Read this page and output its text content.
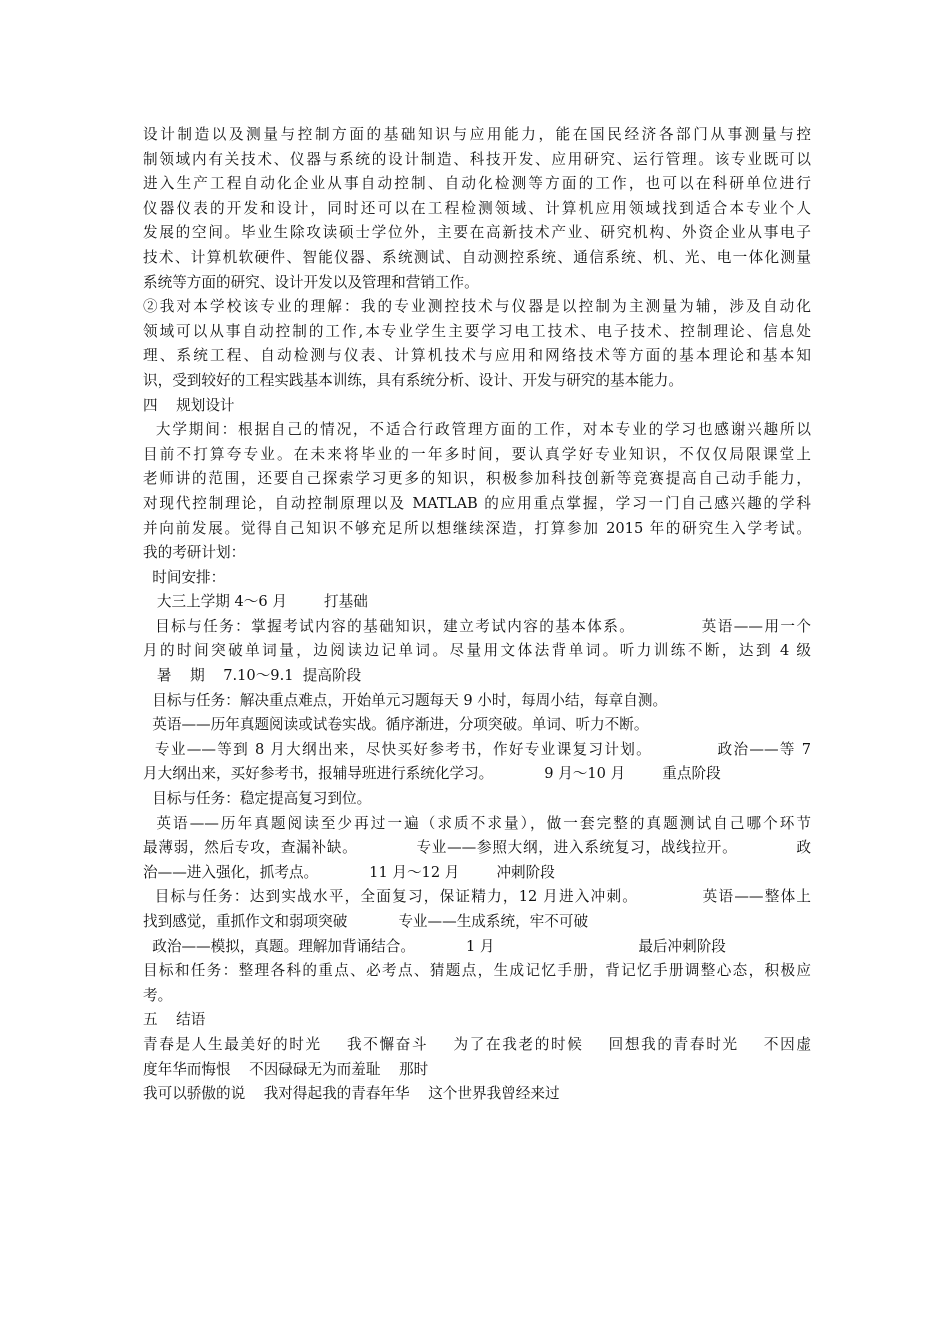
设计制造以及测量与控制方面的基础知识与应用能力，能在国民经济各部门从事测量与控
制领域内有关技术、仪器与系统的设计制造、科技开发、应用研究、运行管理。该专业既可以
进入生产工程自动化企业从事自动控制、自动化检测等方面的工作，也可以在科研单位进行
仪器仪表的开发和设计，同时还可以在工程检测领域、计算机应用领域找到适合本专业个人
发展的空间。毕业生除攻读硕士学位外，主要在高新技术产业、研究机构、外资企业从事电子
技术、计算机软硬件、智能仪器、系统测试、自动测控系统、通信系统、机、光、电一体化测量
系统等方面的研究、设计开发以及管理和营销工作。
②我对本学校该专业的理解：我的专业测控技术与仪器是以控制为主测量为辅，涉及自动化
领域可以从事自动控制的工作,本专业学生主要学习电工技术、电子技术、控制理论、信息处
理、系统工程、自动检测与仪表、计算机技术与应用和网络技术等方面的基本理论和基本知
识，受到较好的工程实践基本训练，具有系统分析、设计、开发与研究的基本能力。
四    规划设计
大学期间：根据自己的情况，不适合行政管理方面的工作，对本专业的学习也感谢兴趣所以
目前不打算夸专业。在未来将毕业的一年多时间，要认真学好专业知识，不仅仅局限课堂上
老师讲的范围，还要自己探索学习更多的知识，积极参加科技创新等竞赛提高自己动手能力，
对现代控制理论，自动控制原理以及 MATLAB 的应用重点掌握，学习一门自己感兴趣的学科
并向前发展。觉得自己知识不够充足所以想继续深造，打算参加 2015 年的研究生入学考试。
我的考研计划：
时间安排：
大三上学期 4～6 月        打基础
目标与任务：掌握考试内容的基础知识，建立考试内容的基本体系。           英语——用一个
月的时间突破单词量，边阅读边记单词。尽量用文体法背单词。听力训练不断，达到 4 级
暑    期    7.10～9.1  提高阶段
目标与任务：解决重点难点，开始单元习题每天 9 小时，每周小结，每章自测。
英语——历年真题阅读或试卷实战。循序渐进，分项突破。单词、听力不断。
专业——等到 8 月大纲出来，尽快买好参考书，作好专业课复习计划。           政治——等 7
月大纲出来，买好参考书，报辅导班进行系统化学习。           9 月～10 月        重点阶段
目标与任务：稳定提高复习到位。
英语——历年真题阅读至少再过一遍（求质不求量），做一套完整的真题测试自己哪个环节
最薄弱，然后专攻，查漏补缺。           专业——参照大纲，进入系统复习，战线拉开。           政
治——进入强化，抓考点。           11 月～12 月        冲刺阶段
目标与任务：达到实战水平，全面复习，保证精力，12 月进入冲刺。           英语——整体上
找到感觉，重抓作文和弱项突破           专业——生成系统，牢不可破
政治——模拟，真题。理解加背诵结合。           1 月                               最后冲刺阶段
目标和任务：整理各科的重点、必考点、猜题点，生成记忆手册，背记忆手册调整心态，积极应
考。
五    结语
青春是人生最美好的时光    我不懈奋斗    为了在我老的时候    回想我的青春时光    不因虚
度年华而悔恨    不因碌碌无为而羞耻    那时
我可以骄傲的说    我对得起我的青春年华    这个世界我曾经来过
